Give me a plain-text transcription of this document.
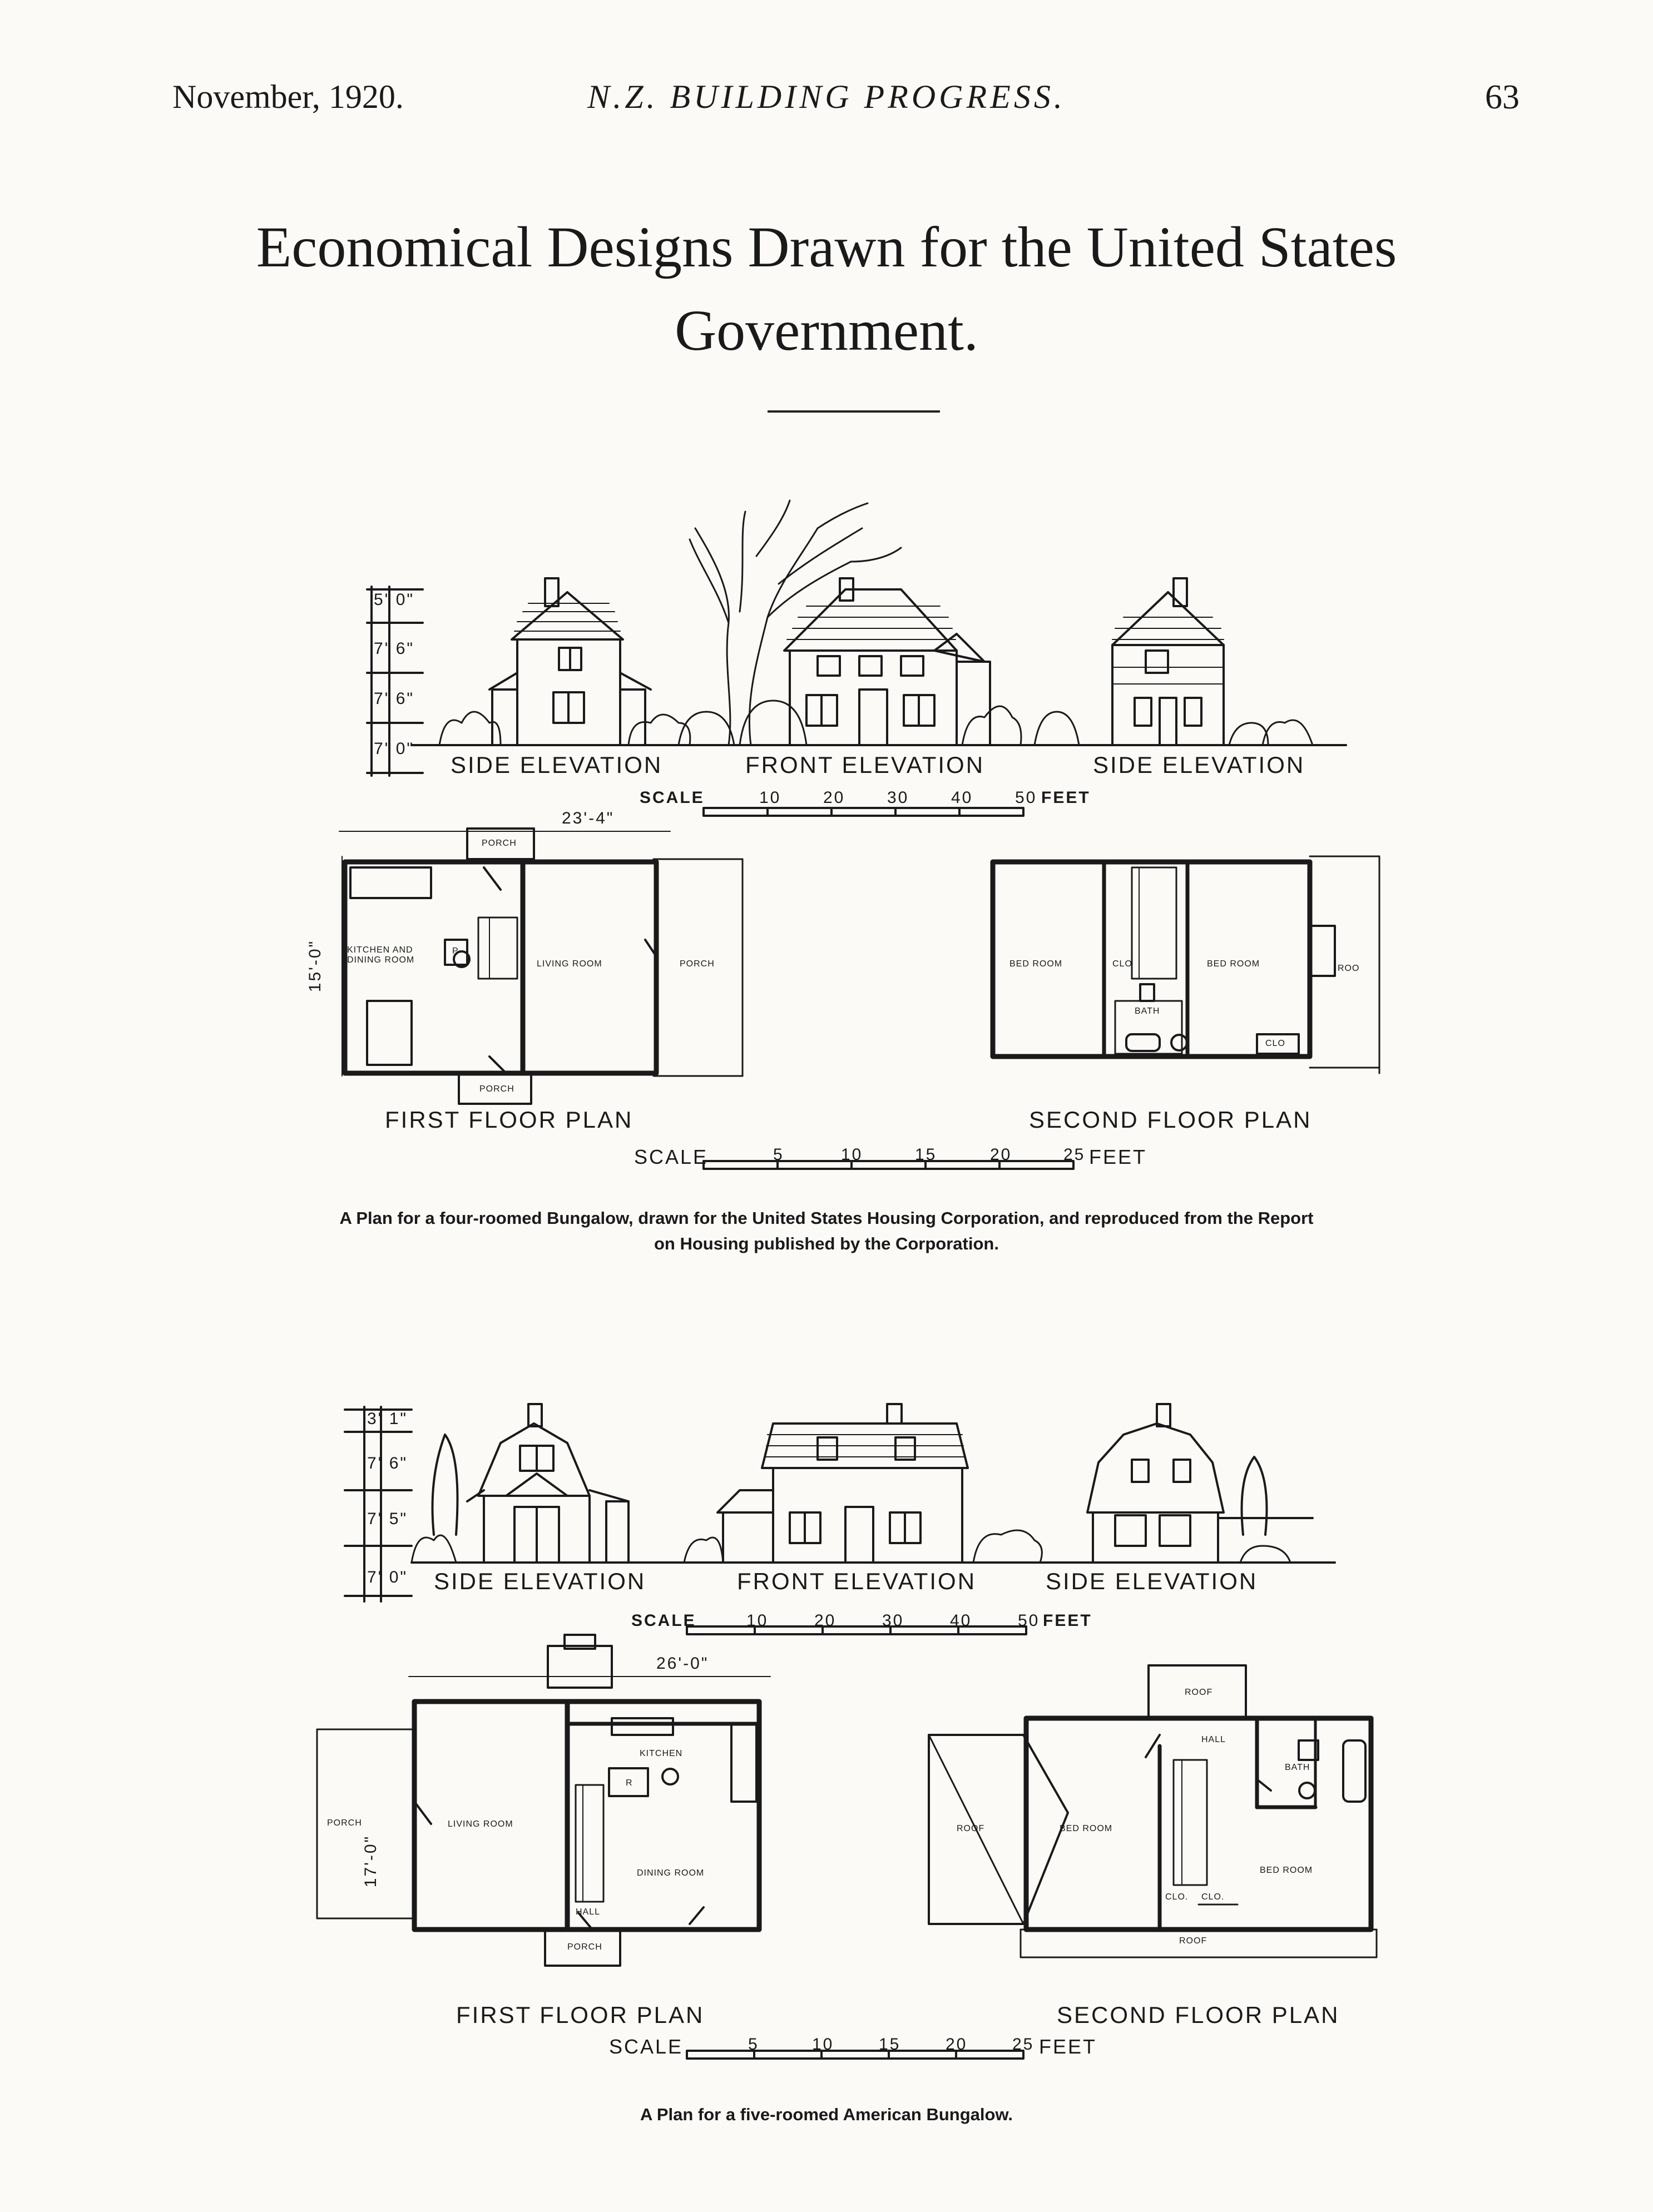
November, 1920.	N.Z. BUILDING PROGRESS.	63
Economical Designs Drawn for the United States
Government.
5' 0"
7' 6"
7' 6"
7' 0"
SIDE ELEVATION	FRONT ELEVATION	SIDE ELEVATION
SCALE	10	20	30	40	50 FEET
23'-4"
15'-0"
PORCH
KITCHEN AND
DINING ROOM
P
LIVING ROOM	PORCH
PORCH
FIRST FLOOR PLAN
BED ROOM	BED ROOM
BATH
CLO
CLO
ROO
SECOND FLOOR PLAN
SCALE	5	10	15	20	25 FEET
A Plan for a four-roomed Bungalow, drawn for the United States Housing Corporation, and reproduced from the Report
on Housing published by the Corporation.
3' 1"
7' 6"
7' 5"
7' 0" SIDE ELEVATION	FRONT ELEVATION	SIDE ELEVATION
SCALE	10	20	30	40	50 FEET
26'-0"
17'-0"
PORCH	LIVING ROOM
KITCHEN
R
DINING ROOM
HALL
PORCH
FIRST FLOOR PLAN
ROOF
HALL
BATH
ROOF	BED ROOM
BED ROOM
CLO. CLO.
ROOF
SECOND FLOOR PLAN
SCALE	5	10	15	20	25 FEET
A Plan for a five-roomed American Bungalow.
